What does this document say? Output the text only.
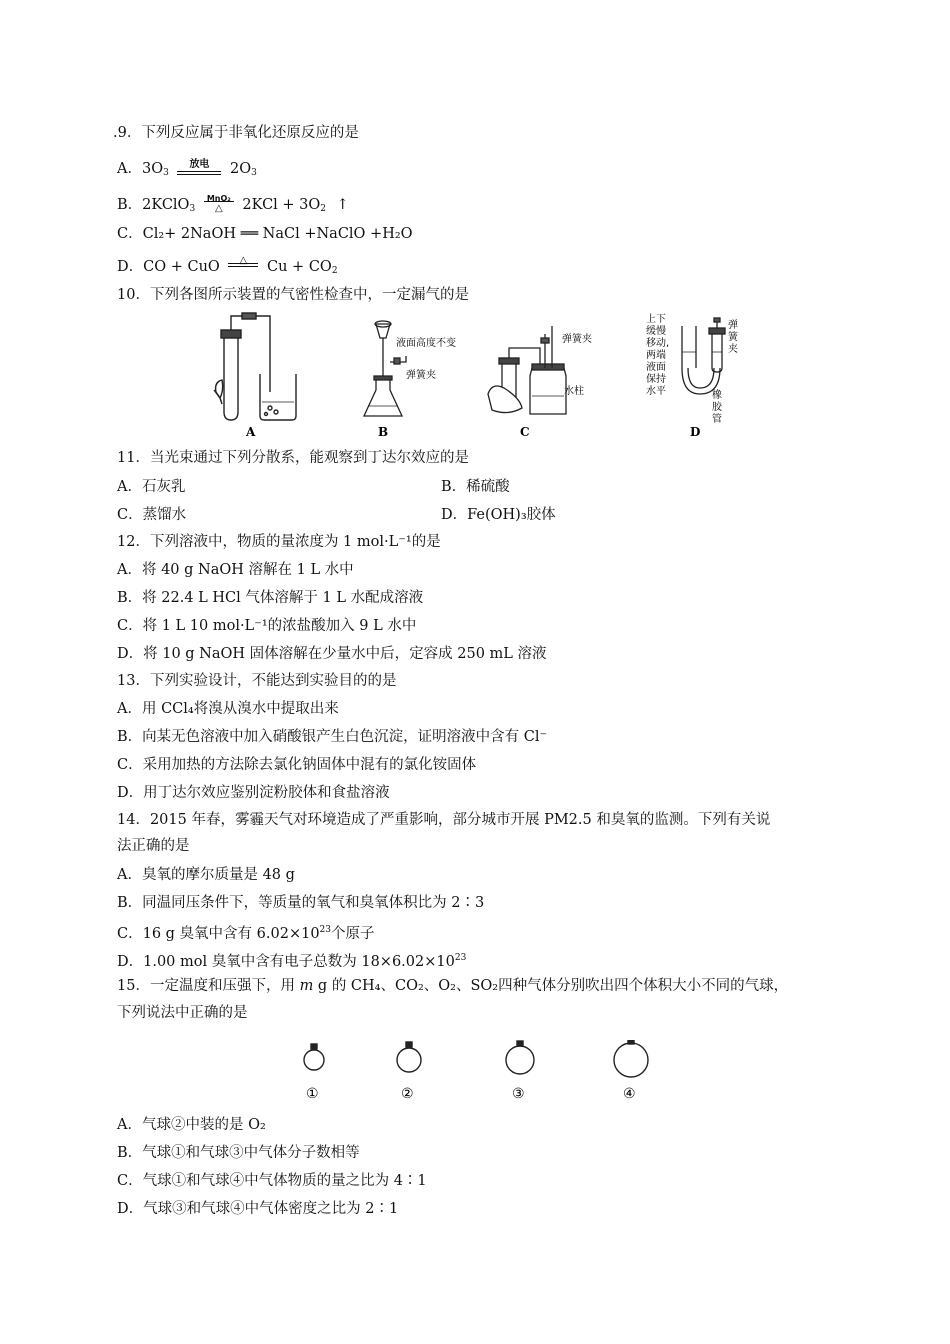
.9．下列反应属于非氧化还原反应的是
A．$3O_3$
放电	$2O_3$
B．2KClO$_3$
MnO₂
△	$2KCl + 3O_2$ ↑
C．Cl₂+ 2NaOH ══ NaCl +NaClO +H₂O
D．CO + CuO	△	$Cu + CO_2$
10．下列各图所示装置的气密性检查中，一定漏气的是
A
液面高度不变
弹簧夹
B
弹簧夹
水柱
C
上下
缓慢
移动,
两端
液面
保持
水平
弹
簧
夹
橡
胶
管
D
11．当光束通过下列分散系，能观察到丁达尔效应的是
A．石灰乳	B．稀硫酸
C．蒸馏水	D．Fe(OH)₃胶体
12．下列溶液中，物质的量浓度为 1 mol·L⁻¹的是
A．将 40 g NaOH 溶解在 1 L 水中
B．将 22.4 L HCl 气体溶解于 1 L 水配成溶液
C．将 1 L 10 mol·L⁻¹的浓盐酸加入 9 L 水中
D．将 10 g NaOH 固体溶解在少量水中后，定容成 250 mL 溶液
13．下列实验设计，不能达到实验目的的是
A．用 CCl₄将溴从溴水中提取出来
B．向某无色溶液中加入硝酸银产生白色沉淀，证明溶液中含有 Cl⁻
C．采用加热的方法除去氯化钠固体中混有的氯化铵固体
D．用丁达尔效应鉴别淀粉胶体和食盐溶液
14．2015 年春，雾霾天气对环境造成了严重影响，部分城市开展 PM2.5 和臭氧的监测。下列有关说
法正确的是
A．臭氧的摩尔质量是 48 g
B．同温同压条件下，等质量的氧气和臭氧体积比为 2∶3
C．16 g 臭氧中含有 $6.02\times 10^{23}$个原子
D．1.00 mol 臭氧中含有电子总数为 $18\times 6.02\times 10^{23}$
15．一定温度和压强下，用 m g 的 CH₄、CO₂、O₂、SO₂四种气体分别吹出四个体积大小不同的气球，
下列说法中正确的是
①	②	③	④
A．气球②中装的是 O₂
B．气球①和气球③中气体分子数相等
C．气球①和气球④中气体物质的量之比为 4∶1
D．气球③和气球④中气体密度之比为 2∶1
